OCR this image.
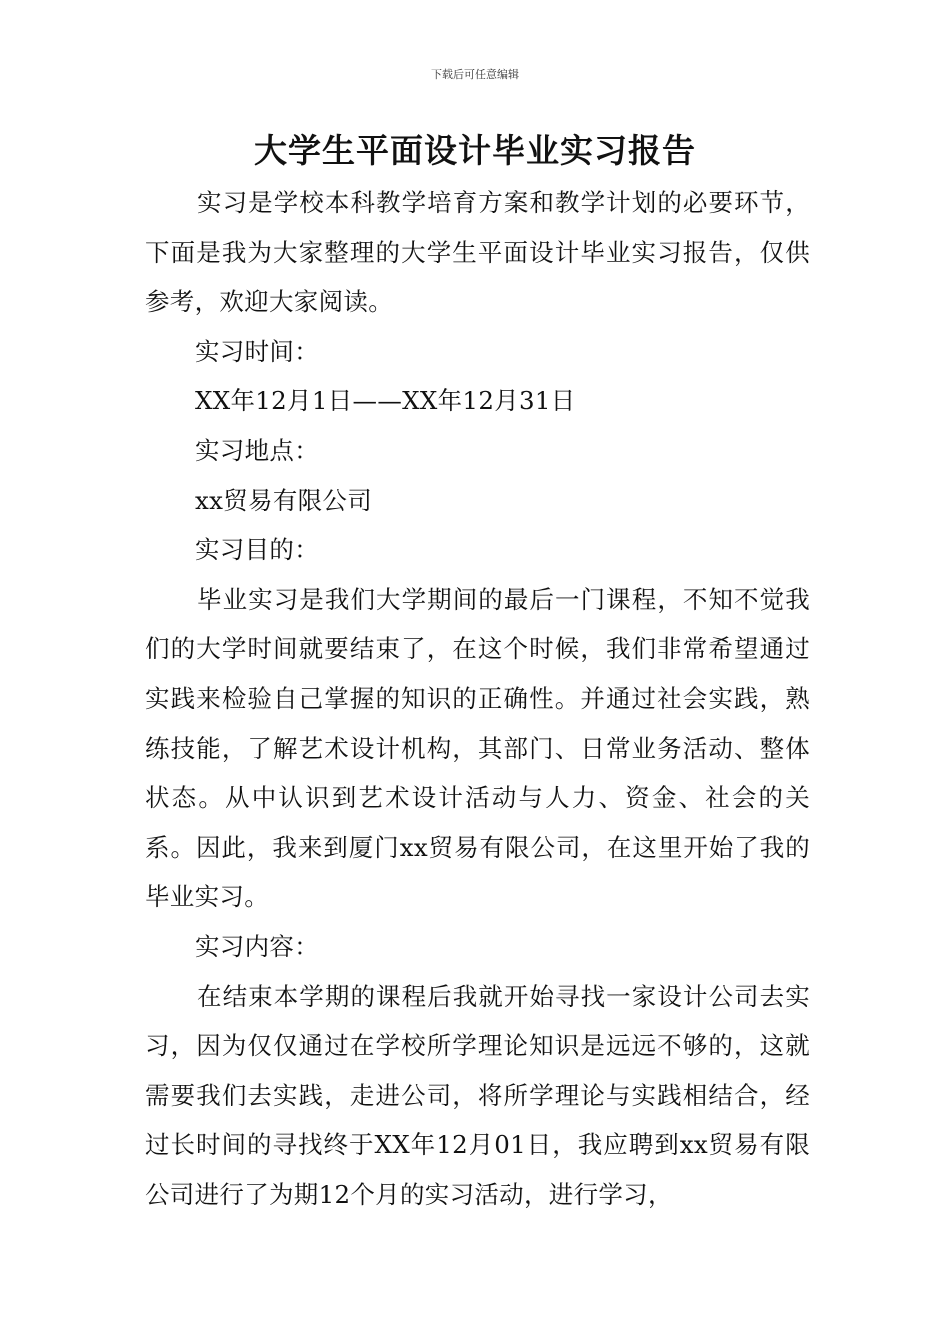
下载后可任意编辑
大学生平面设计毕业实习报告

实习是学校本科教学培育方案和教学计划的必要环节，下面是我为大家整理的大学生平面设计毕业实习报告，仅供参考，欢迎大家阅读。

实习时间：

XX年12月1日——XX年12月31日

实习地点：

xx贸易有限公司

实习目的：

毕业实习是我们大学期间的最后一门课程，不知不觉我们的大学时间就要结束了，在这个时候，我们非常希望通过实践来检验自己掌握的知识的正确性。并通过社会实践，熟练技能，了解艺术设计机构，其部门、日常业务活动、整体状态。从中认识到艺术设计活动与人力、资金、社会的关系。因此，我来到厦门xx贸易有限公司，在这里开始了我的毕业实习。

实习内容：

在结束本学期的课程后我就开始寻找一家设计公司去实习，因为仅仅通过在学校所学理论知识是远远不够的，这就需要我们去实践，走进公司，将所学理论与实践相结合，经过长时间的寻找终于XX年12月01日，我应聘到xx贸易有限公司进行了为期12个月的实习活动，进行学习，
